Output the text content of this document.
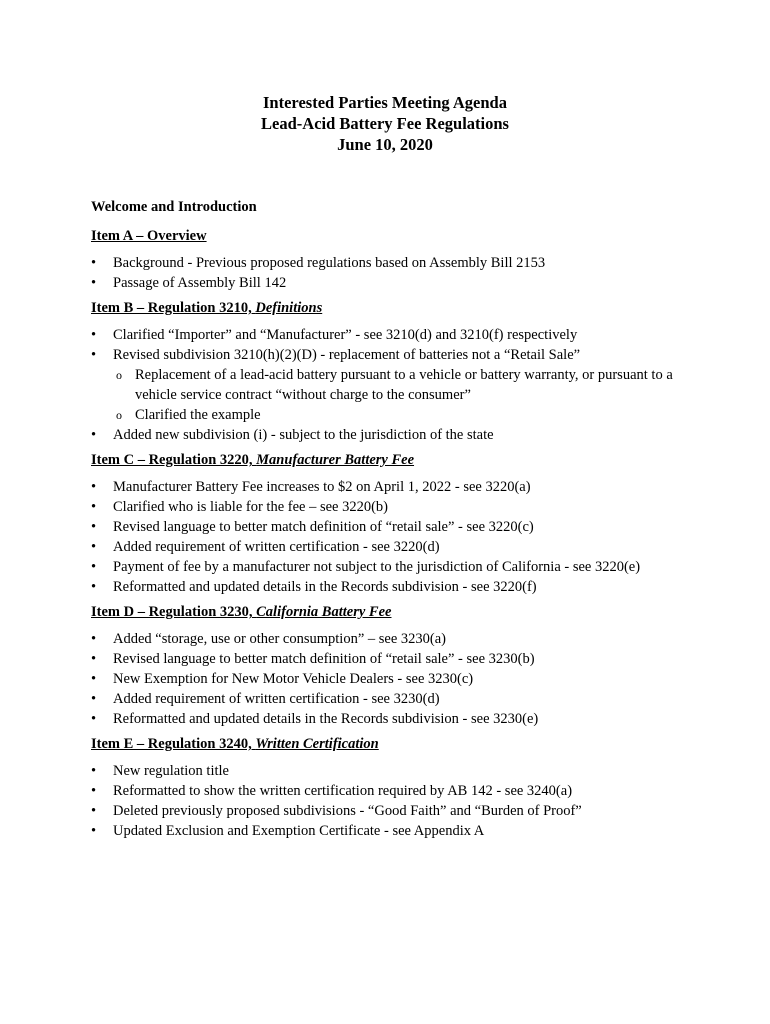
Interested Parties Meeting Agenda
Lead-Acid Battery Fee Regulations
June 10, 2020
Welcome and Introduction
Item A – Overview
•	Background - Previous proposed regulations based on Assembly Bill 2153
•	Passage of Assembly Bill 142
Item B – Regulation 3210, Definitions
•	Clarified “Importer” and “Manufacturer” - see 3210(d) and 3210(f) respectively
•	Revised subdivision 3210(h)(2)(D) - replacement of batteries not a “Retail Sale”
o Replacement of a lead-acid battery pursuant to a vehicle or battery warranty, or pursuant to a vehicle service contract “without charge to the consumer”
o Clarified the example
•	Added new subdivision (i) - subject to the jurisdiction of the state
Item C – Regulation 3220, Manufacturer Battery Fee
•	Manufacturer Battery Fee increases to $2 on April 1, 2022 - see 3220(a)
•	Clarified who is liable for the fee – see 3220(b)
•	Revised language to better match definition of “retail sale” - see 3220(c)
•	Added requirement of written certification - see 3220(d)
•	Payment of fee by a manufacturer not subject to the jurisdiction of California - see 3220(e)
•	Reformatted and updated details in the Records subdivision - see 3220(f)
Item D – Regulation 3230, California Battery Fee
•	Added “storage, use or other consumption” – see 3230(a)
•	Revised language to better match definition of “retail sale” - see 3230(b)
•	New Exemption for New Motor Vehicle Dealers - see 3230(c)
•	Added requirement of written certification - see 3230(d)
•	Reformatted and updated details in the Records subdivision - see 3230(e)
Item E – Regulation 3240, Written Certification
•	New regulation title
•	Reformatted to show the written certification required by AB 142 - see 3240(a)
•	Deleted previously proposed subdivisions - “Good Faith” and “Burden of Proof”
•	Updated Exclusion and Exemption Certificate - see Appendix A
